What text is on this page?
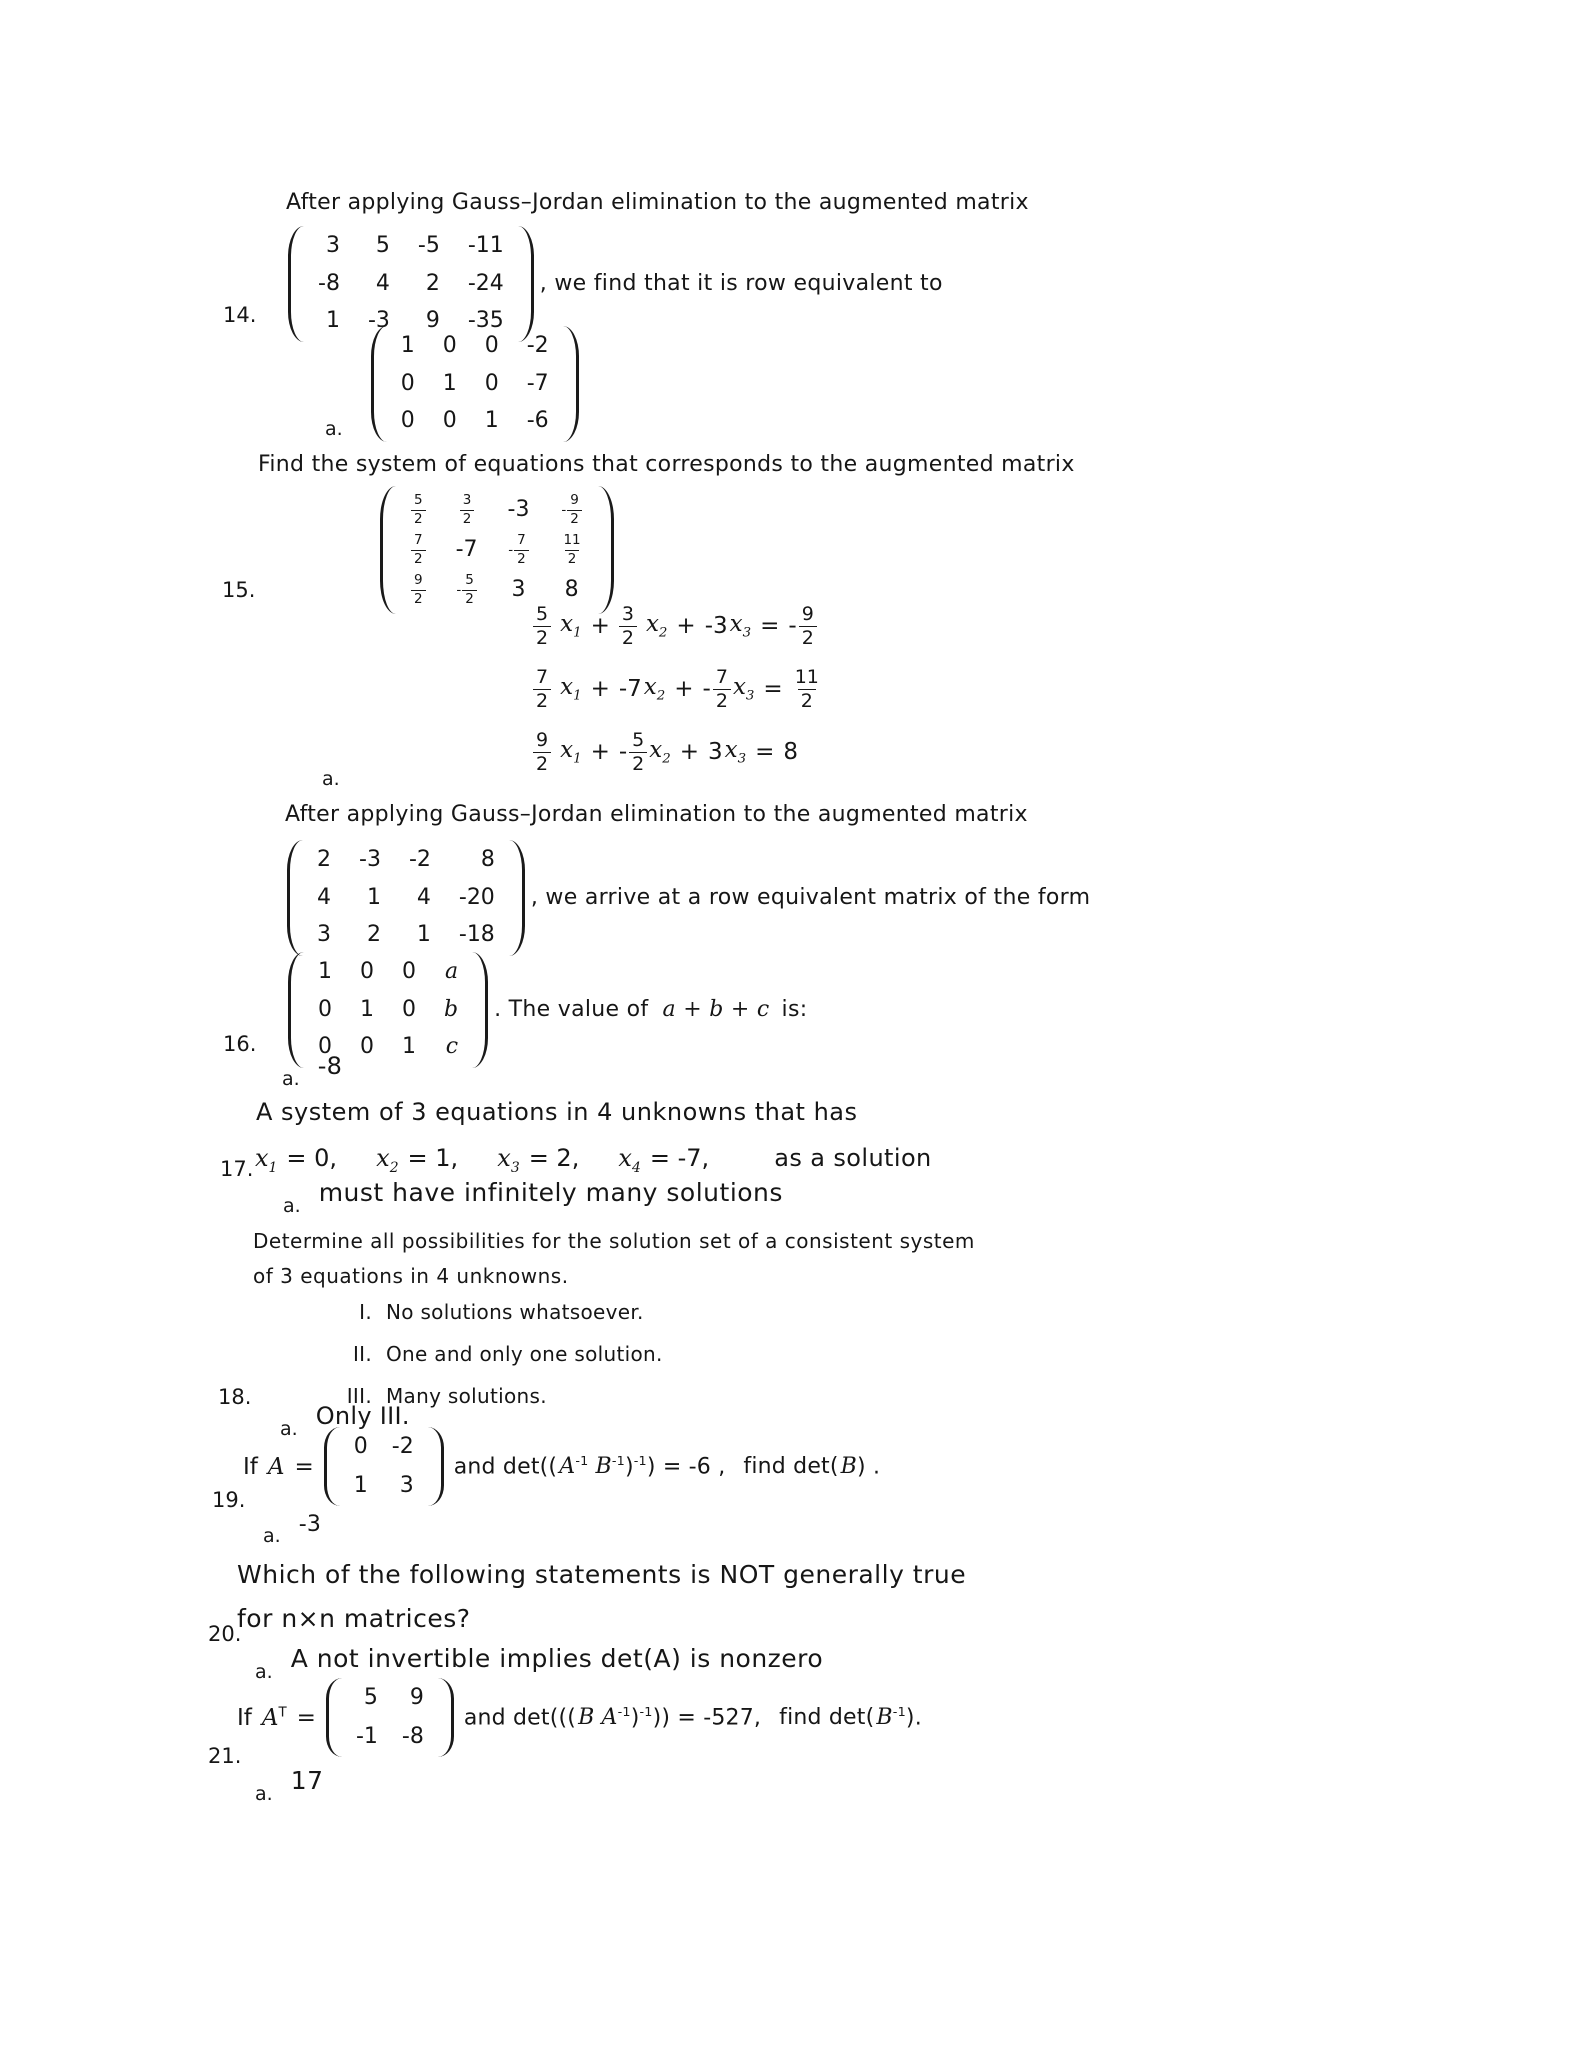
14.
After applying Gauss–Jordan elimination to the augmented matrix
3 5 -5 -11
-8 4 2 -24
1 -3 9 -35
, we find that it is row equivalent to
a.
1 0 0 -2
0 1 0 -7
0 0 1 -6
15.
Find the system of equations that corresponds to the augmented matrix
$\frac{5}{2}$	$\frac{3}{2} -3 - \frac{9}{2}$
$\frac{7}{2} -7 - \frac{7}{2} \frac{11}{2}$
$\frac{9}{2} - \frac{5}{2} 3$ 8
$\frac{5}{2} x_1 + \frac{3}{2} x_2 + -3$ $x_3$ = - $\frac{9}{2}$
$\frac{7}{2} x_1 + -7$ $x_2$ + - $\frac{7}{2} x_3 = \frac{11}{2}$
$\frac{9}{2} x_1$ + - $\frac{5}{2} x_2 + 3$ $x_3 = 8$
a.
16.
After applying Gauss–Jordan elimination to the augmented matrix
2 -3 -2 8
4 1 4 -20
3 2 1 -18
, we arrive at a row equivalent matrix of the form
1 0 0 a
0 1 0 b
0 0 1 c
. The value of a + b + c is:
a. -8
17.
A system of 3 equations in 4 unknowns that has
$x_1 = 0$,
$x_2 = 1$,
$x_3 = 2$,
$x_4 = -7$,	as a solution
a. must have infinitely many solutions
18.
Determine all possibilities for the solution set of a consistent system
of 3 equations in 4 unknowns.
I. No solutions whatsoever.
II. One and only one solution.
III. Many solutions.
a. Only III.
19.
If A =
0 -2
1 3
and $\det((A^{-1}$ $B^{-1})^{-1}) = -6$ , find det(B) .
a. -3
20.
Which of the following statements is NOT generally true
for n×n matrices?
a. A not invertible implies det(A) is nonzero
21.
If $A^T$ =
5 9
-1 -8
and det(((B $A^{-1})^{-1})) = -527$, find $\det(B^{-1})$.
a. 17
